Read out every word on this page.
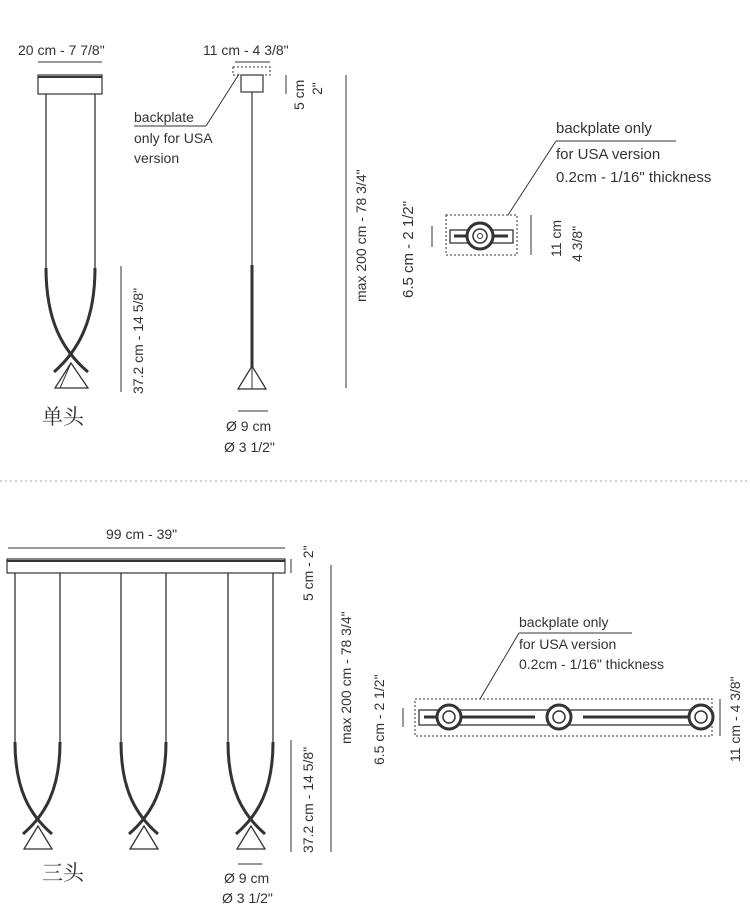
20 cm - 7 7/8"
单头
37.2 cm - 14 5/8"
11 cm - 4 3/8"
backplate
only for USA
version
5 cm 2"
max 200 cm - 78 3/4"
Ø 9 cm
Ø 3 1/2"
backplate only
for USA version
0.2cm - 1/16" thickness
6.5 cm - 2 1/2"	11 cm 4 3/8"
99 cm - 39"
三头	Ø 9 cm
Ø 3 1/2"
5 cm - 2"
37.2 cm - 14 5/8"
max 200 cm - 78 3/4"	backplate only
for USA version
0.2cm - 1/16" thickness
6.5 cm - 2 1/2"	11 cm - 4 3/8"
